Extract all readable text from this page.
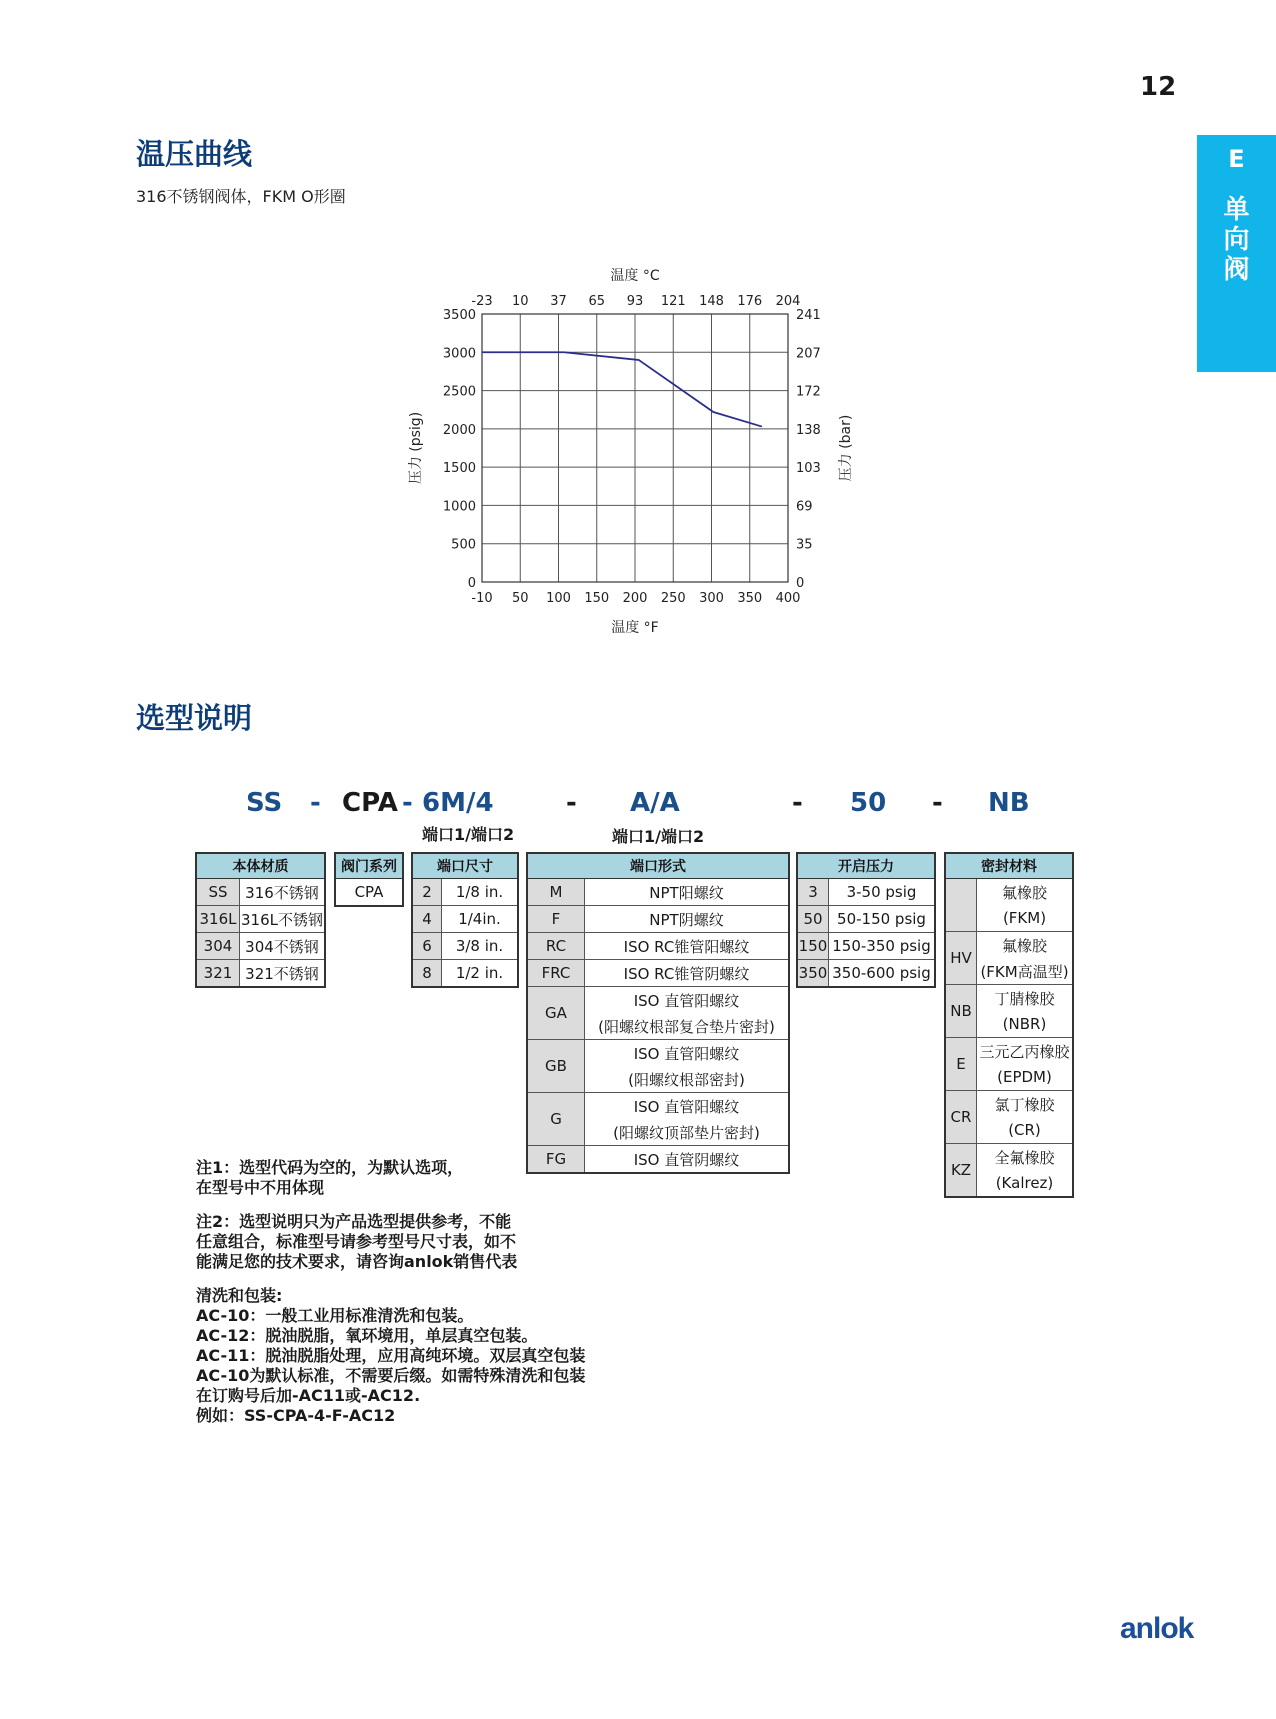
12
E
单
向
阀
温压曲线
316不锈钢阀体，FKM O形圈
-10 50 100 150 200 250 300 350 400
-23 10 37 65 93 121 148 176 204
0
500
1000
1500
2000
2500
3000
3500
0
35
69
103
138
172
207
241
温度 °C
温度 °F
压力 (psig)	压力 (bar)
选型说明
SS - CPA - 6M/4	- A/A	- 50 - NB
端口1/端口2	端口1/端口2
本体材质	
SS	316不锈钢
316L	316L不锈钢
304	304不锈钢
321	321不锈钢
阀门系列
CPA
端口尺寸	
2	1/8 in.
4	1/4in.
6	3/8 in.
8	1/2 in.
端口形式	
M	NPT阳螺纹
F	NPT阴螺纹
RC	ISO RC锥管阳螺纹
FRC	ISO RC锥管阴螺纹
GA	ISO 直管阳螺纹
	(阳螺纹根部复合垫片密封)
GB	ISO 直管阳螺纹
	(阳螺纹根部密封)
G	ISO 直管阳螺纹
	(阳螺纹顶部垫片密封)
FG	ISO 直管阴螺纹
开启压力	
3	3-50 psig
50	50-150 psig
150	150-350 psig
350	350-600 psig
密封材料	
	氟橡胶
	(FKM)
HV	氟橡胶
	(FKM高温型)
NB	丁腈橡胶
	(NBR)
E	三元乙丙橡胶
	(EPDM)
CR	氯丁橡胶
	(CR)
KZ	全氟橡胶
	(Kalrez)
注1：选型代码为空的，为默认选项，
在型号中不用体现
注2：选型说明只为产品选型提供参考，不能
任意组合，标准型号请参考型号尺寸表，如不
能满足您的技术要求，请咨询anlok销售代表
清洗和包装:
AC-10：一般工业用标准清洗和包装。
AC-12：脱油脱脂，氧环境用，单层真空包装。
AC-11：脱油脱脂处理，应用高纯环境。双层真空包装
AC-10为默认标准，不需要后缀。如需特殊清洗和包装
在订购号后加-AC11或-AC12.
例如：SS-CPA-4-F-AC12
anlok
